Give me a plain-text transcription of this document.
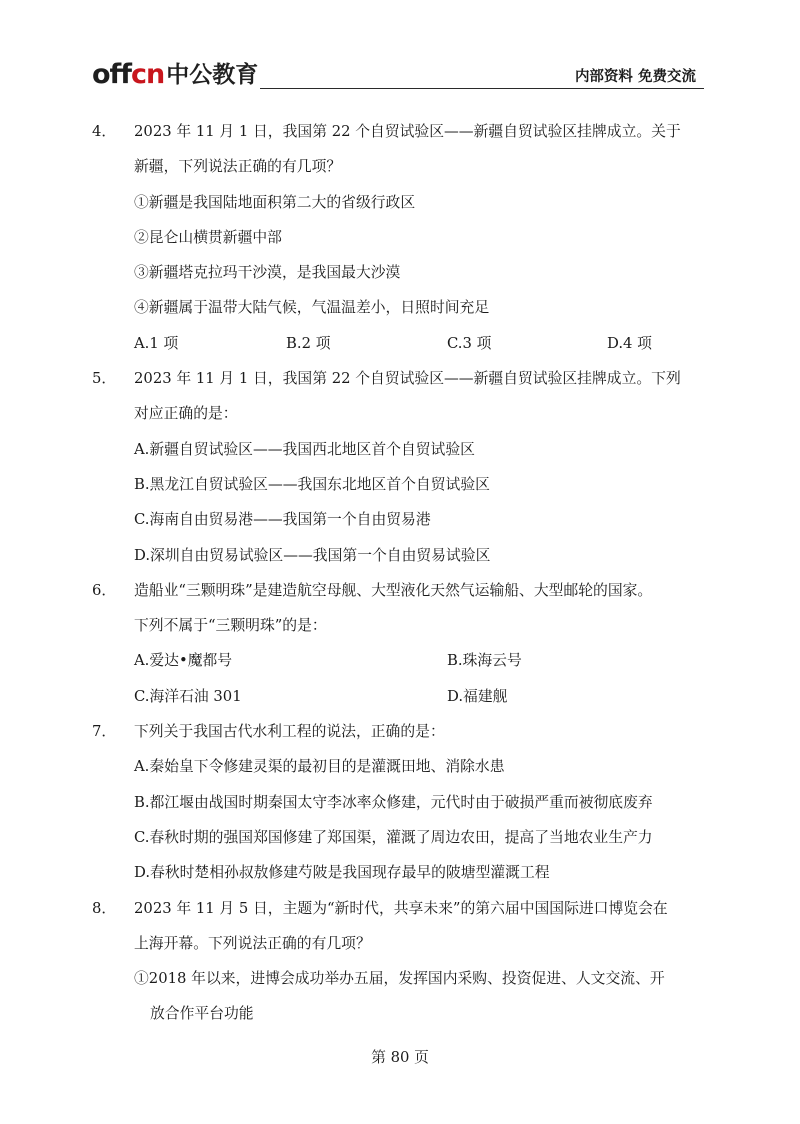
offcn 中公教育	内部资料 免费交流
4． 2023 年 11 月 1 日，我国第 22 个自贸试验区——新疆自贸试验区挂牌成立。关于
新疆，下列说法正确的有几项？
①新疆是我国陆地面积第二大的省级行政区
②昆仑山横贯新疆中部
③新疆塔克拉玛干沙漠，是我国最大沙漠
④新疆属于温带大陆气候，气温温差小，日照时间充足
A.1 项	B.2 项	C.3 项	D.4 项
5． 2023 年 11 月 1 日，我国第 22 个自贸试验区——新疆自贸试验区挂牌成立。下列
对应正确的是：
A.新疆自贸试验区——我国西北地区首个自贸试验区
B.黑龙江自贸试验区——我国东北地区首个自贸试验区
C.海南自由贸易港——我国第一个自由贸易港
D.深圳自由贸易试验区——我国第一个自由贸易试验区
6． 造船业“三颗明珠”是建造航空母舰、大型液化天然气运输船、大型邮轮的国家。
下列不属于“三颗明珠”的是：
A.爱达•魔都号	B.珠海云号
C.海洋石油 301	D.福建舰
7． 下列关于我国古代水利工程的说法，正确的是：
A.秦始皇下令修建灵渠的最初目的是灌溉田地、消除水患
B.都江堰由战国时期秦国太守李冰率众修建，元代时由于破损严重而被彻底废弃
C.春秋时期的强国郑国修建了郑国渠，灌溉了周边农田，提高了当地农业生产力
D.春秋时楚相孙叔敖修建芍陂是我国现存最早的陂塘型灌溉工程
8． 2023 年 11 月 5 日，主题为“新时代，共享未来”的第六届中国国际进口博览会在
上海开幕。下列说法正确的有几项？
①2018 年以来，进博会成功举办五届，发挥国内采购、投资促进、人文交流、开
放合作平台功能
第 80 页
